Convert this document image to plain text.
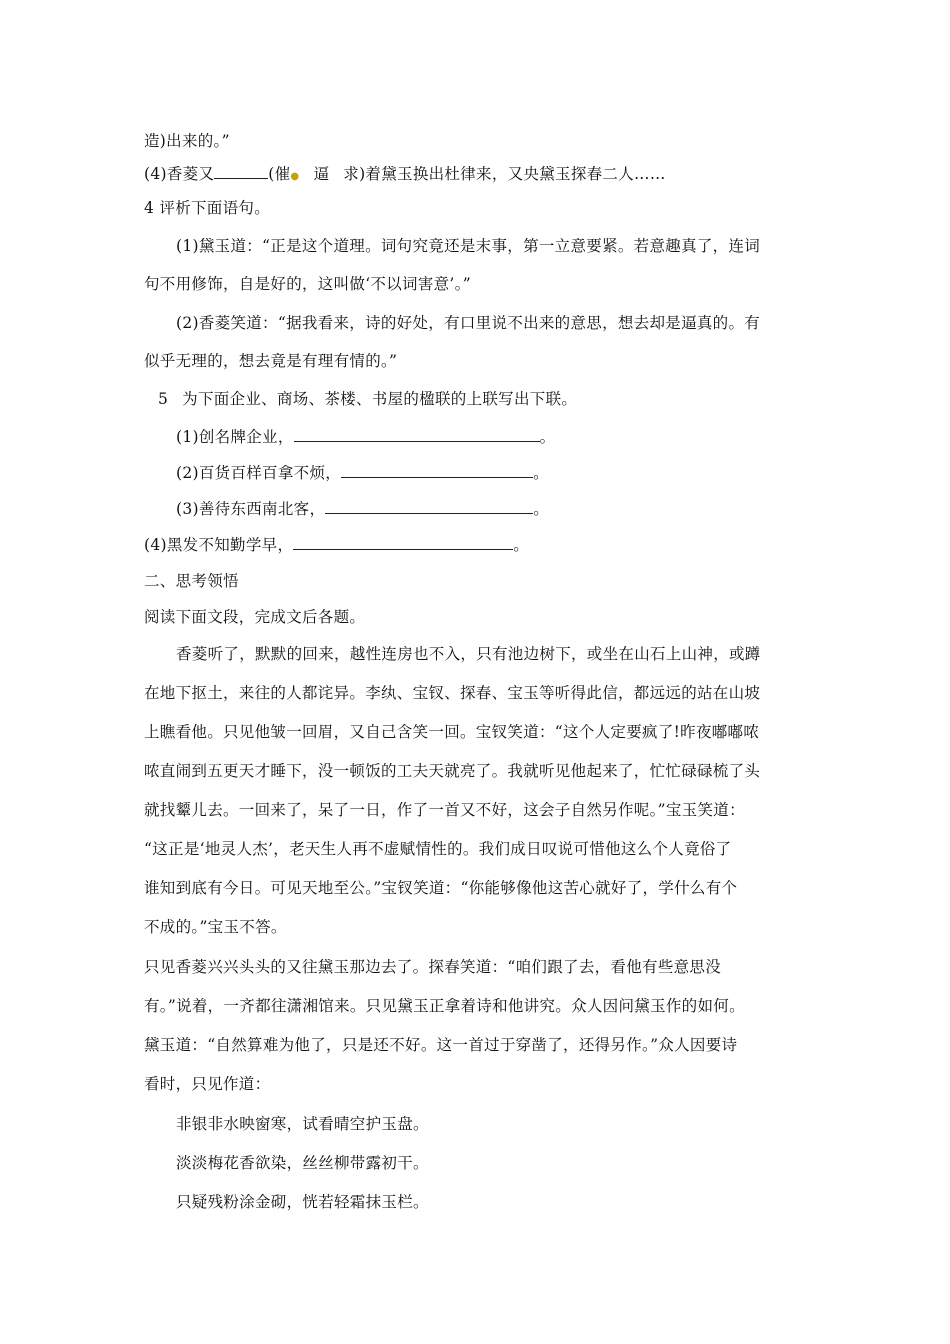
造)出来的。”
(4)香菱又	(催● 逼 求)着黛玉换出杜律来，又央黛玉探春二人……
4 评析下面语句。
(1)黛玉道：“正是这个道理。词句究竟还是末事，第一立意要紧。若意趣真了，连词
句不用修饰，自是好的，这叫做‘不以词害意’。”
(2)香菱笑道：“据我看来，诗的好处，有口里说不出来的意思，想去却是逼真的。有
似乎无理的，想去竟是有理有情的。”
5 为下面企业、商场、茶楼、书屋的楹联的上联写出下联。
(1)创名牌企业，	。
(2)百货百样百拿不烦，	。
(3)善待东西南北客，	。
(4)黑发不知勤学早，	。
二、思考领悟
阅读下面文段，完成文后各题。
香菱听了，默默的回来，越性连房也不入，只有池边树下，或坐在山石上山神，或蹲
在地下抠土，来往的人都诧异。李纨、宝钗、探春、宝玉等听得此信，都远远的站在山坡
上瞧看他。只见他皱一回眉，又自己含笑一回。宝钗笑道：“这个人定要疯了!昨夜嘟嘟哝
哝直闹到五更天才睡下，没一顿饭的工夫天就亮了。我就听见他起来了，忙忙碌碌梳了头
就找颦儿去。一回来了，呆了一日，作了一首又不好，这会子自然另作呢。”宝玉笑道：
“这正是‘地灵人杰’，老天生人再不虚赋情性的。我们成日叹说可惜他这么个人竟俗了
谁知到底有今日。可见天地至公。”宝钗笑道：“你能够像他这苦心就好了，学什么有个
不成的。”宝玉不答。
只见香菱兴兴头头的又往黛玉那边去了。探春笑道：“咱们跟了去，看他有些意思没
有。”说着，一齐都往潇湘馆来。只见黛玉正拿着诗和他讲究。众人因问黛玉作的如何。
黛玉道：“自然算难为他了，只是还不好。这一首过于穿凿了，还得另作。”众人因要诗
看时，只见作道：
非银非水映窗寒，试看晴空护玉盘。
淡淡梅花香欲染，丝丝柳带露初干。
只疑残粉涂金砌，恍若轻霜抹玉栏。
